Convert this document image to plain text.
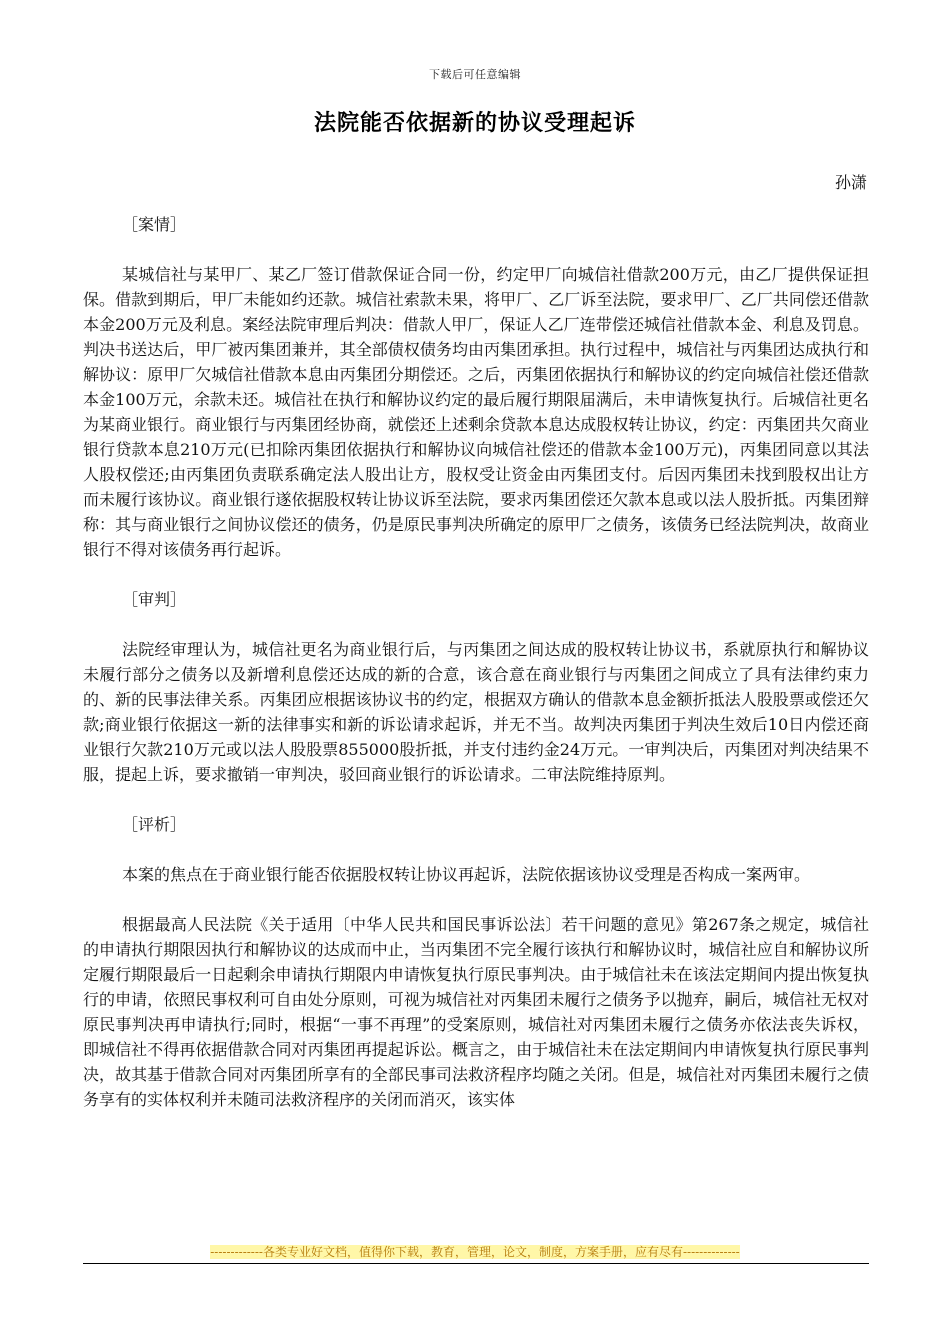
下载后可任意编辑
法院能否依据新的协议受理起诉
孙潇

［案情］

某城信社与某甲厂、某乙厂签订借款保证合同一份，约定甲厂向城信社借款200万元，由乙厂提供保证担保。借款到期后，甲厂未能如约还款。城信社索款未果，将甲厂、乙厂诉至法院，要求甲厂、乙厂共同偿还借款本金200万元及利息。案经法院审理后判决：借款人甲厂，保证人乙厂连带偿还城信社借款本金、利息及罚息。判决书送达后，甲厂被丙集团兼并，其全部债权债务均由丙集团承担。执行过程中，城信社与丙集团达成执行和解协议：原甲厂欠城信社借款本息由丙集团分期偿还。之后，丙集团依据执行和解协议的约定向城信社偿还借款本金100万元，余款未还。城信社在执行和解协议约定的最后履行期限届满后，未申请恢复执行。后城信社更名为某商业银行。商业银行与丙集团经协商，就偿还上述剩余贷款本息达成股权转让协议，约定：丙集团共欠商业银行贷款本息210万元(已扣除丙集团依据执行和解协议向城信社偿还的借款本金100万元)，丙集团同意以其法人股权偿还;由丙集团负责联系确定法人股出让方，股权受让资金由丙集团支付。后因丙集团未找到股权出让方而未履行该协议。商业银行遂依据股权转让协议诉至法院，要求丙集团偿还欠款本息或以法人股折抵。丙集团辩称：其与商业银行之间协议偿还的债务，仍是原民事判决所确定的原甲厂之债务，该债务已经法院判决，故商业银行不得对该债务再行起诉。

［审判］

法院经审理认为，城信社更名为商业银行后，与丙集团之间达成的股权转让协议书，系就原执行和解协议未履行部分之债务以及新增利息偿还达成的新的合意，该合意在商业银行与丙集团之间成立了具有法律约束力的、新的民事法律关系。丙集团应根据该协议书的约定，根据双方确认的借款本息金额折抵法人股股票或偿还欠款;商业银行依据这一新的法律事实和新的诉讼请求起诉，并无不当。故判决丙集团于判决生效后10日内偿还商业银行欠款210万元或以法人股股票855000股折抵，并支付违约金24万元。一审判决后，丙集团对判决结果不服，提起上诉，要求撤销一审判决，驳回商业银行的诉讼请求。二审法院维持原判。

［评析］

本案的焦点在于商业银行能否依据股权转让协议再起诉，法院依据该协议受理是否构成一案两审。

根据最高人民法院《关于适用〔中华人民共和国民事诉讼法〕若干问题的意见》第267条之规定，城信社的申请执行期限因执行和解协议的达成而中止，当丙集团不完全履行该执行和解协议时，城信社应自和解协议所定履行期限最后一日起剩余申请执行期限内申请恢复执行原民事判决。由于城信社未在该法定期间内提出恢复执行的申请，依照民事权利可自由处分原则，可视为城信社对丙集团未履行之债务予以抛弃，嗣后，城信社无权对原民事判决再申请执行;同时，根据“一事不再理”的受案原则，城信社对丙集团未履行之债务亦依法丧失诉权，即城信社不得再依据借款合同对丙集团再提起诉讼。概言之，由于城信社未在法定期间内申请恢复执行原民事判决，故其基于借款合同对丙集团所享有的全部民事司法救济程序均随之关闭。但是，城信社对丙集团未履行之债务享有的实体权利并未随司法救济程序的关闭而消灭，该实体

-------------各类专业好文档，值得你下载，教育，管理，论文，制度，方案手册，应有尽有--------------
